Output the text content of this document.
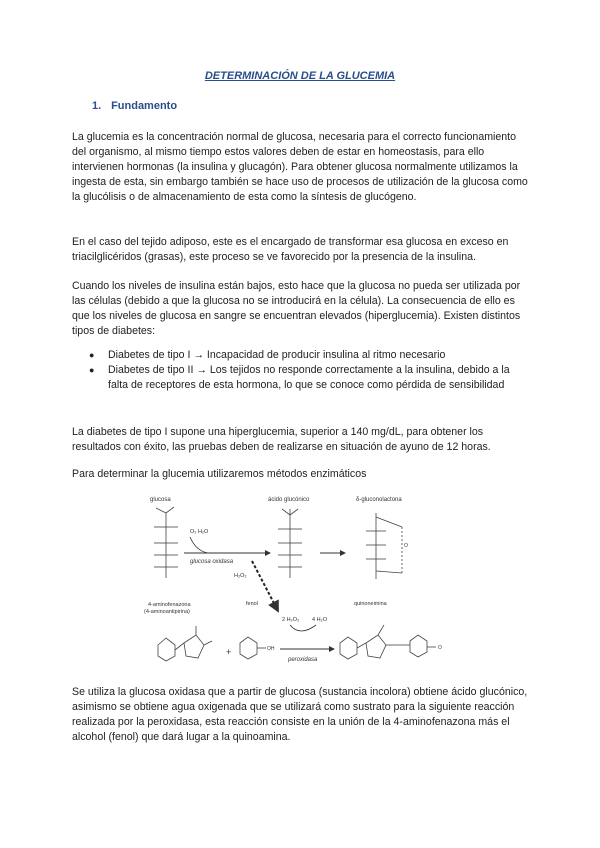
DETERMINACIÓN DE LA GLUCEMIA
1. Fundamento

La glucemia es la concentración normal de glucosa, necesaria para el correcto funcionamiento del organismo, al mismo tiempo estos valores deben de estar en homeostasis, para ello intervienen hormonas (la insulina y glucagón). Para obtener glucosa normalmente utilizamos la ingesta de esta, sin embargo también se hace uso de procesos de utilización de la glucosa como la glucólisis o de almacenamiento de esta como la síntesis de glucógeno.

En el caso del tejido adiposo, este es el encargado de transformar esa glucosa en exceso en triacilglicéridos (grasas), este proceso se ve favorecido por la presencia de la insulina.

Cuando los niveles de insulina están bajos, esto hace que la glucosa no pueda ser utilizada por las células (debido a que la glucosa no se introducirá en la célula). La consecuencia de ello es que los niveles de glucosa en sangre se encuentran elevados (hiperglucemia). Existen distintos tipos de diabetes:

● Diabetes de tipo I → Incapacidad de producir insulina al ritmo necesario
● Diabetes de tipo II → Los tejidos no responde correctamente a la insulina, debido a la falta de receptores de esta hormona, lo que se conoce como pérdida de sensibilidad

La diabetes de tipo I supone una hiperglucemia, superior a 140 mg/dL, para obtener los resultados con éxito, las pruebas deben de realizarse en situación de ayuno de 12 horas.

Para determinar la glucemia utilizaremos métodos enzimáticos

glucosa
O₂ H₂O
glucosa oxidasa
H₂O₂
ácido glucónico	δ-gluconolactona
O
4-aminofenazona
(4-aminoantipirina)
fenol
2 H₂O₂ 4 H₂O
quinoneimina
+	OH
peroxidasa
O

Se utiliza la glucosa oxidasa que a partir de glucosa (sustancia incolora) obtiene ácido glucónico, asimismo se obtiene agua oxigenada que se utilizará como sustrato para la siguiente reacción realizada por la peroxidasa, esta reacción consiste en la unión de la 4-aminofenazona más el alcohol (fenol) que dará lugar a la quinoamina.
